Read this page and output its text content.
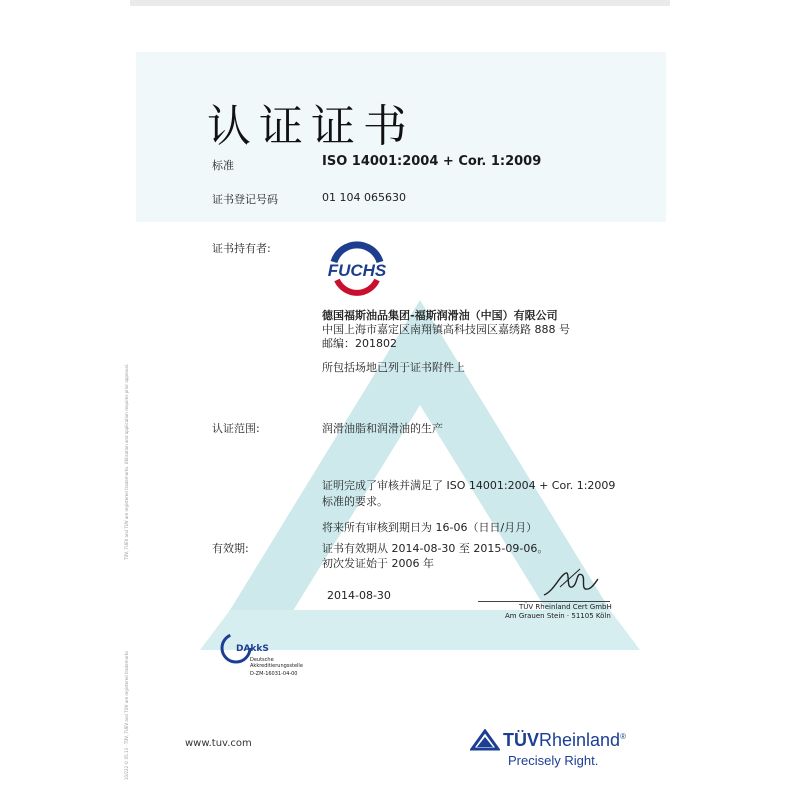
认证证书
标准	ISO 14001:2004 + Cor. 1:2009
证书登记号码	01 104 065630
证书持有者:
FUCHS
德国福斯油品集团-福斯润滑油（中国）有限公司
中国上海市嘉定区南翔镇高科技园区嘉绣路 888 号
邮编：201802
所包括场地已列于证书附件上
认证范围:	润滑油脂和润滑油的生产
证明完成了审核并满足了 ISO 14001:2004 + Cor. 1:2009
标准的要求。
将来所有审核到期日为 16-06（日日/月月）
有效期:	证书有效期从 2014-08-30 至 2015-09-06。
初次发证始于 2006 年
2014-08-30
TÜV Rheinland Cert GmbH
Am Grauen Stein · 51105 Köln
DAkkS
Deutsche
Akkreditierungsstelle
D-ZM-16031-04-00
TÜV, TUEV and TUV are registered trademarks. Utilisation and application requires prior approval.
10/222 © 05.13 · TÜV, TUEV and TUV are registered trademarks	www.tuv.com	TÜVRheinland®
Precisely Right.
